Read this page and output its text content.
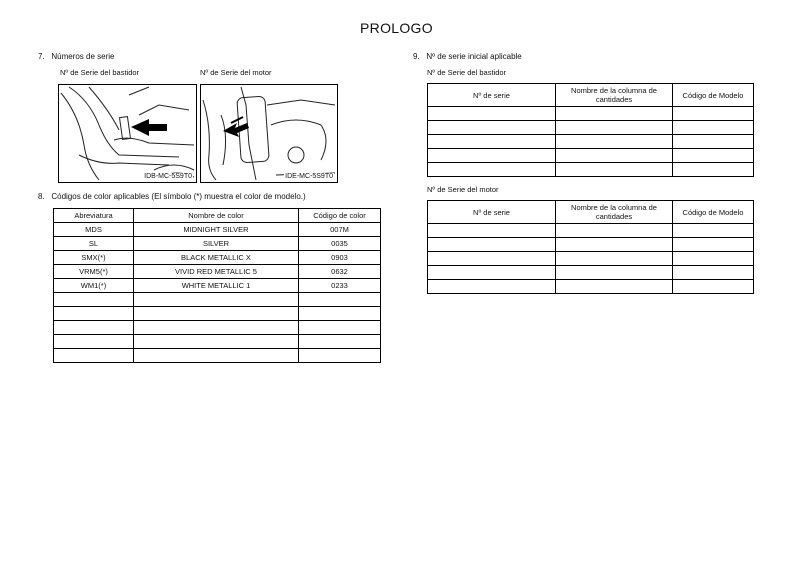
PROLOGO
7.   Números de serie
Nº de Serie del bastidor	Nº de Serie del motor
IDB-MC-5S9T0	IDE-MC-5S9T0
8.   Códigos de color aplicables (El símbolo (*) muestra el color de modelo.)
Abreviatura	Nombre de color	Código de color
MDS	MIDNIGHT SILVER	007M
SL	SILVER	0035
SMX(*)	BLACK METALLIC X	0903
VRM5(*)	VIVID RED METALLIC 5	0632
WM1(*)	WHITE METALLIC 1	0233

9.   Nº de serie inicial aplicable
Nº de Serie del bastidor
Nº de serie	Nombre de la columna de cantidades	Código de Modelo

Nº de Serie del motor
Nº de serie	Nombre de la columna de cantidades	Código de Modelo
